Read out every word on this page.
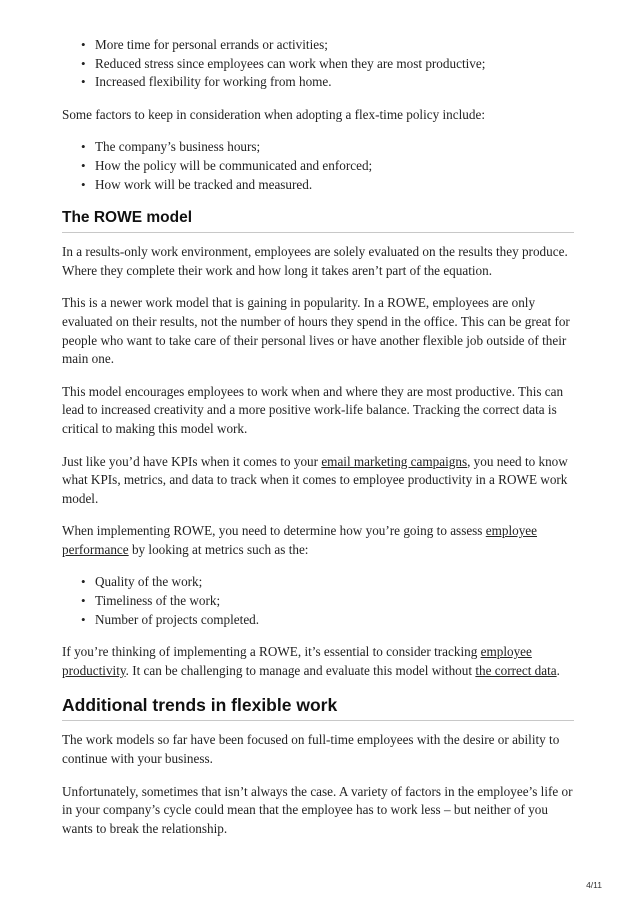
• More time for personal errands or activities;
• Reduced stress since employees can work when they are most productive;
• Increased flexibility for working from home.

Some factors to keep in consideration when adopting a flex-time policy include:

• The company’s business hours;
• How the policy will be communicated and enforced;
• How work will be tracked and measured.
The ROWE model

In a results-only work environment, employees are solely evaluated on the results they produce. Where they complete their work and how long it takes aren’t part of the equation.

This is a newer work model that is gaining in popularity. In a ROWE, employees are only evaluated on their results, not the number of hours they spend in the office. This can be great for people who want to take care of their personal lives or have another flexible job outside of their main one.

This model encourages employees to work when and where they are most productive. This can lead to increased creativity and a more positive work-life balance. Tracking the correct data is critical to making this model work.

Just like you’d have KPIs when it comes to your email marketing campaigns, you need to know what KPIs, metrics, and data to track when it comes to employee productivity in a ROWE work model.

When implementing ROWE, you need to determine how you’re going to assess employee performance by looking at metrics such as the:

• Quality of the work;
• Timeliness of the work;
• Number of projects completed.

If you’re thinking of implementing a ROWE, it’s essential to consider tracking employee productivity. It can be challenging to manage and evaluate this model without the correct data.

Additional trends in flexible work

The work models so far have been focused on full-time employees with the desire or ability to continue with your business.

Unfortunately, sometimes that isn’t always the case. A variety of factors in the employee’s life or in your company’s cycle could mean that the employee has to work less – but neither of you wants to break the relationship.

4/11
